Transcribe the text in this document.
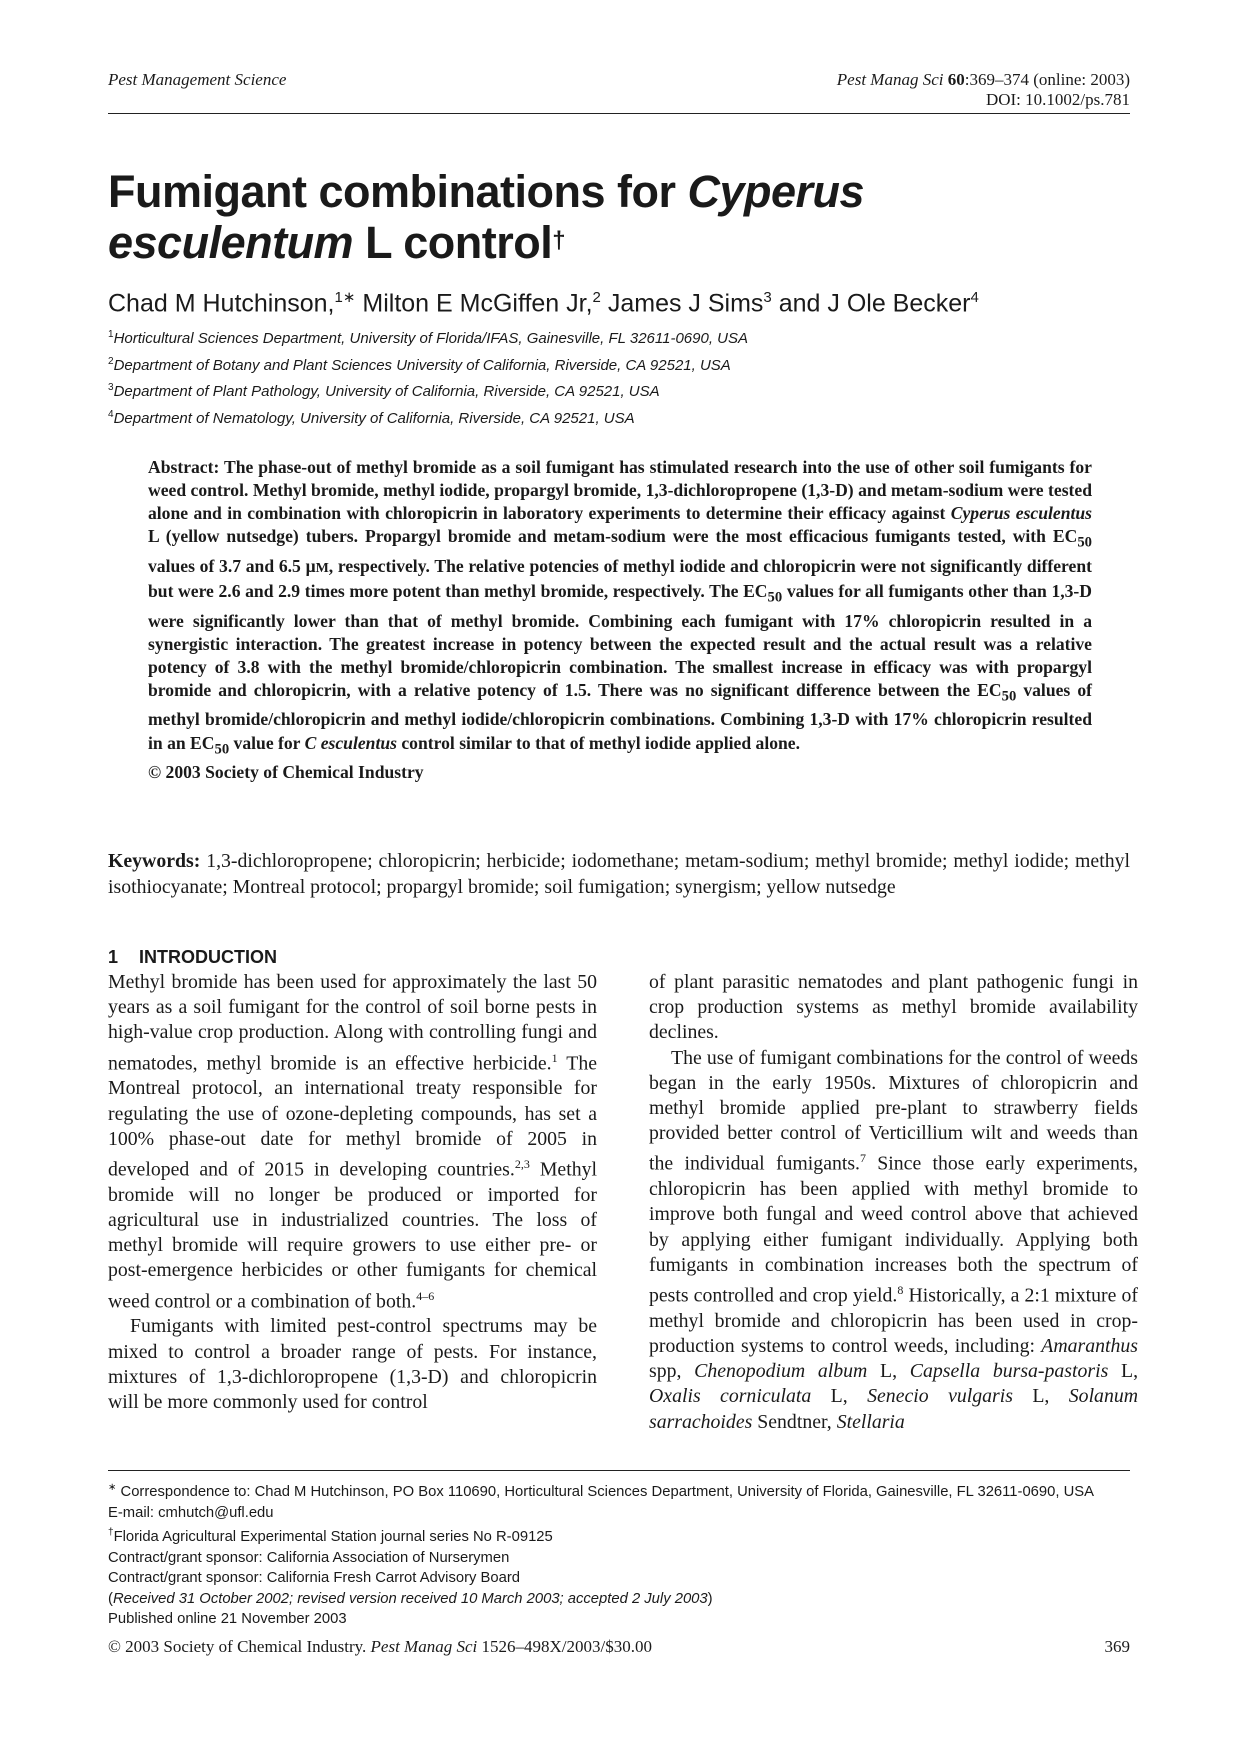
Pest Management Science	Pest Manag Sci 60:369–374 (online: 2003)
DOI: 10.1002/ps.781
Fumigant combinations for Cyperus
esculentum L control†
Chad M Hutchinson,$^{1∗}$ Milton E McGiffen Jr,$^2$ James J Sims$^3$ and J Ole Becker$^4$
$^1$Horticultural Sciences Department, University of Florida/IFAS, Gainesville, FL 32611-0690, USA
$^2$Department of Botany and Plant Sciences University of California, Riverside, CA 92521, USA
$^3$Department of Plant Pathology, University of California, Riverside, CA 92521, USA
$^4$Department of Nematology, University of California, Riverside, CA 92521, USA

Abstract: The phase-out of methyl bromide as a soil fumigant has stimulated research into the use of other soil fumigants for weed control. Methyl bromide, methyl iodide, propargyl bromide, 1,3-dichloropropene (1,3-D) and metam-sodium were tested alone and in combination with chloropicrin in laboratory experiments to determine their efficacy against Cyperus esculentus L (yellow nutsedge) tubers. Propargyl bromide and metam-sodium were the most efficacious fumigants tested, with $EC_{50}$ values of 3.7 and 6.5 μM, respectively. The relative potencies of methyl iodide and chloropicrin were not significantly different but were 2.6 and 2.9 times more potent than methyl bromide, respectively. The $EC_{50}$ values for all fumigants other than 1,3-D were significantly lower than that of methyl bromide. Combining each fumigant with 17% chloropicrin resulted in a synergistic interaction. The greatest increase in potency between the expected result and the actual result was a relative potency of 3.8 with the methyl bromide/chloropicrin combination. The smallest increase in efficacy was with propargyl bromide and chloropicrin, with a relative potency of 1.5. There was no significant difference between the $EC_{50}$ values of methyl bromide/chloropicrin and methyl iodide/chloropicrin combinations. Combining 1,3-D with 17% chloropicrin resulted in an $EC_{50}$ value for C esculentus control similar to that of methyl iodide applied alone.

© 2003 Society of Chemical Industry

Keywords: 1,3-dichloropropene; chloropicrin; herbicide; iodomethane; metam-sodium; methyl bromide; methyl iodide; methyl isothiocyanate; Montreal protocol; propargyl bromide; soil fumigation; synergism; yellow nutsedge
1 INTRODUCTION

Methyl bromide has been used for approximately the last 50 years as a soil fumigant for the control of soil borne pests in high-value crop production. Along with controlling fungi and nematodes, methyl bromide is an effective herbicide.$^1$ The Montreal protocol, an international treaty responsible for regulating the use of ozone-depleting compounds, has set a 100% phase-out date for methyl bromide of 2005 in developed and of 2015 in developing countries.$^{2,3}$ Methyl bromide will no longer be produced or imported for agricultural use in industrialized countries. The loss of methyl bromide will require growers to use either pre- or post-emergence herbicides or other fumigants for chemical weed control or a combination of both.$^{4-6}$

Fumigants with limited pest-control spectrums may be mixed to control a broader range of pests. For instance, mixtures of 1,3-dichloropropene (1,3-D) and chloropicrin will be more commonly used for control

of plant parasitic nematodes and plant pathogenic fungi in crop production systems as methyl bromide availability declines.

The use of fumigant combinations for the control of weeds began in the early 1950s. Mixtures of chloropicrin and methyl bromide applied pre-plant to strawberry fields provided better control of Verticillium wilt and weeds than the individual fumigants.$^7$ Since those early experiments, chloropicrin has been applied with methyl bromide to improve both fungal and weed control above that achieved by applying either fumigant individually. Applying both fumigants in combination increases both the spectrum of pests controlled and crop yield.$^8$ Historically, a 2:1 mixture of methyl bromide and chloropicrin has been used in crop-production systems to control weeds, including: Amaranthus spp, Chenopodium album L, Capsella bursa-pastoris L, Oxalis corniculata L, Senecio vulgaris L, Solanum sarrachoides Sendtner, Stellaria

∗ Correspondence to: Chad M Hutchinson, PO Box 110690, Horticultural Sciences Department, University of Florida, Gainesville, FL 32611-0690, USA

E-mail: cmhutch@ufl.edu

†Florida Agricultural Experimental Station journal series No R-09125

Contract/grant sponsor: California Association of Nurserymen

Contract/grant sponsor: California Fresh Carrot Advisory Board

(Received 31 October 2002; revised version received 10 March 2003; accepted 2 July 2003)

Published online 21 November 2003

© 2003 Society of Chemical Industry. Pest Manag Sci 1526–498X/2003/$30.00	369
